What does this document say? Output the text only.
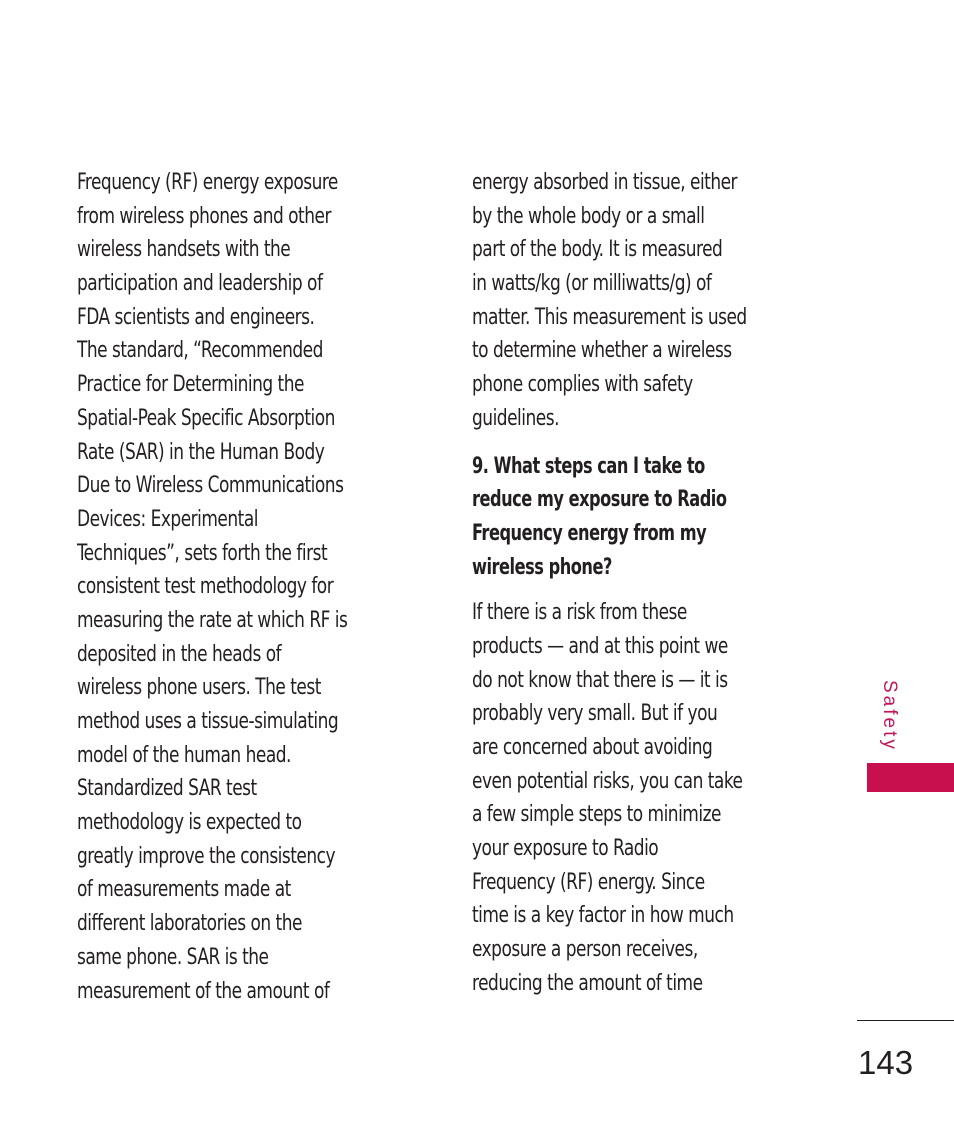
Frequency (RF) energy exposure
from wireless phones and other
wireless handsets with the
participation and leadership of
FDA scientists and engineers.
The standard, “Recommended
Practice for Determining the
Spatial-Peak Specific Absorption
Rate (SAR) in the Human Body
Due to Wireless Communications
Devices: Experimental
Techniques”, sets forth the first
consistent test methodology for
measuring the rate at which RF is
deposited in the heads of
wireless phone users. The test
method uses a tissue-simulating
model of the human head.
Standardized SAR test
methodology is expected to
greatly improve the consistency
of measurements made at
different laboratories on the
same phone. SAR is the
measurement of the amount of
energy absorbed in tissue, either
by the whole body or a small
part of the body. It is measured
in watts/kg (or milliwatts/g) of
matter. This measurement is used
to determine whether a wireless
phone complies with safety
guidelines.
9. What steps can I take to
reduce my exposure to Radio
Frequency energy from my
wireless phone?
If there is a risk from these
products — and at this point we
do not know that there is — it is
probably very small. But if you
are concerned about avoiding
even potential risks, you can take
a few simple steps to minimize
your exposure to Radio
Frequency (RF) energy. Since
time is a key factor in how much
exposure a person receives,
reducing the amount of time
Safety
143
